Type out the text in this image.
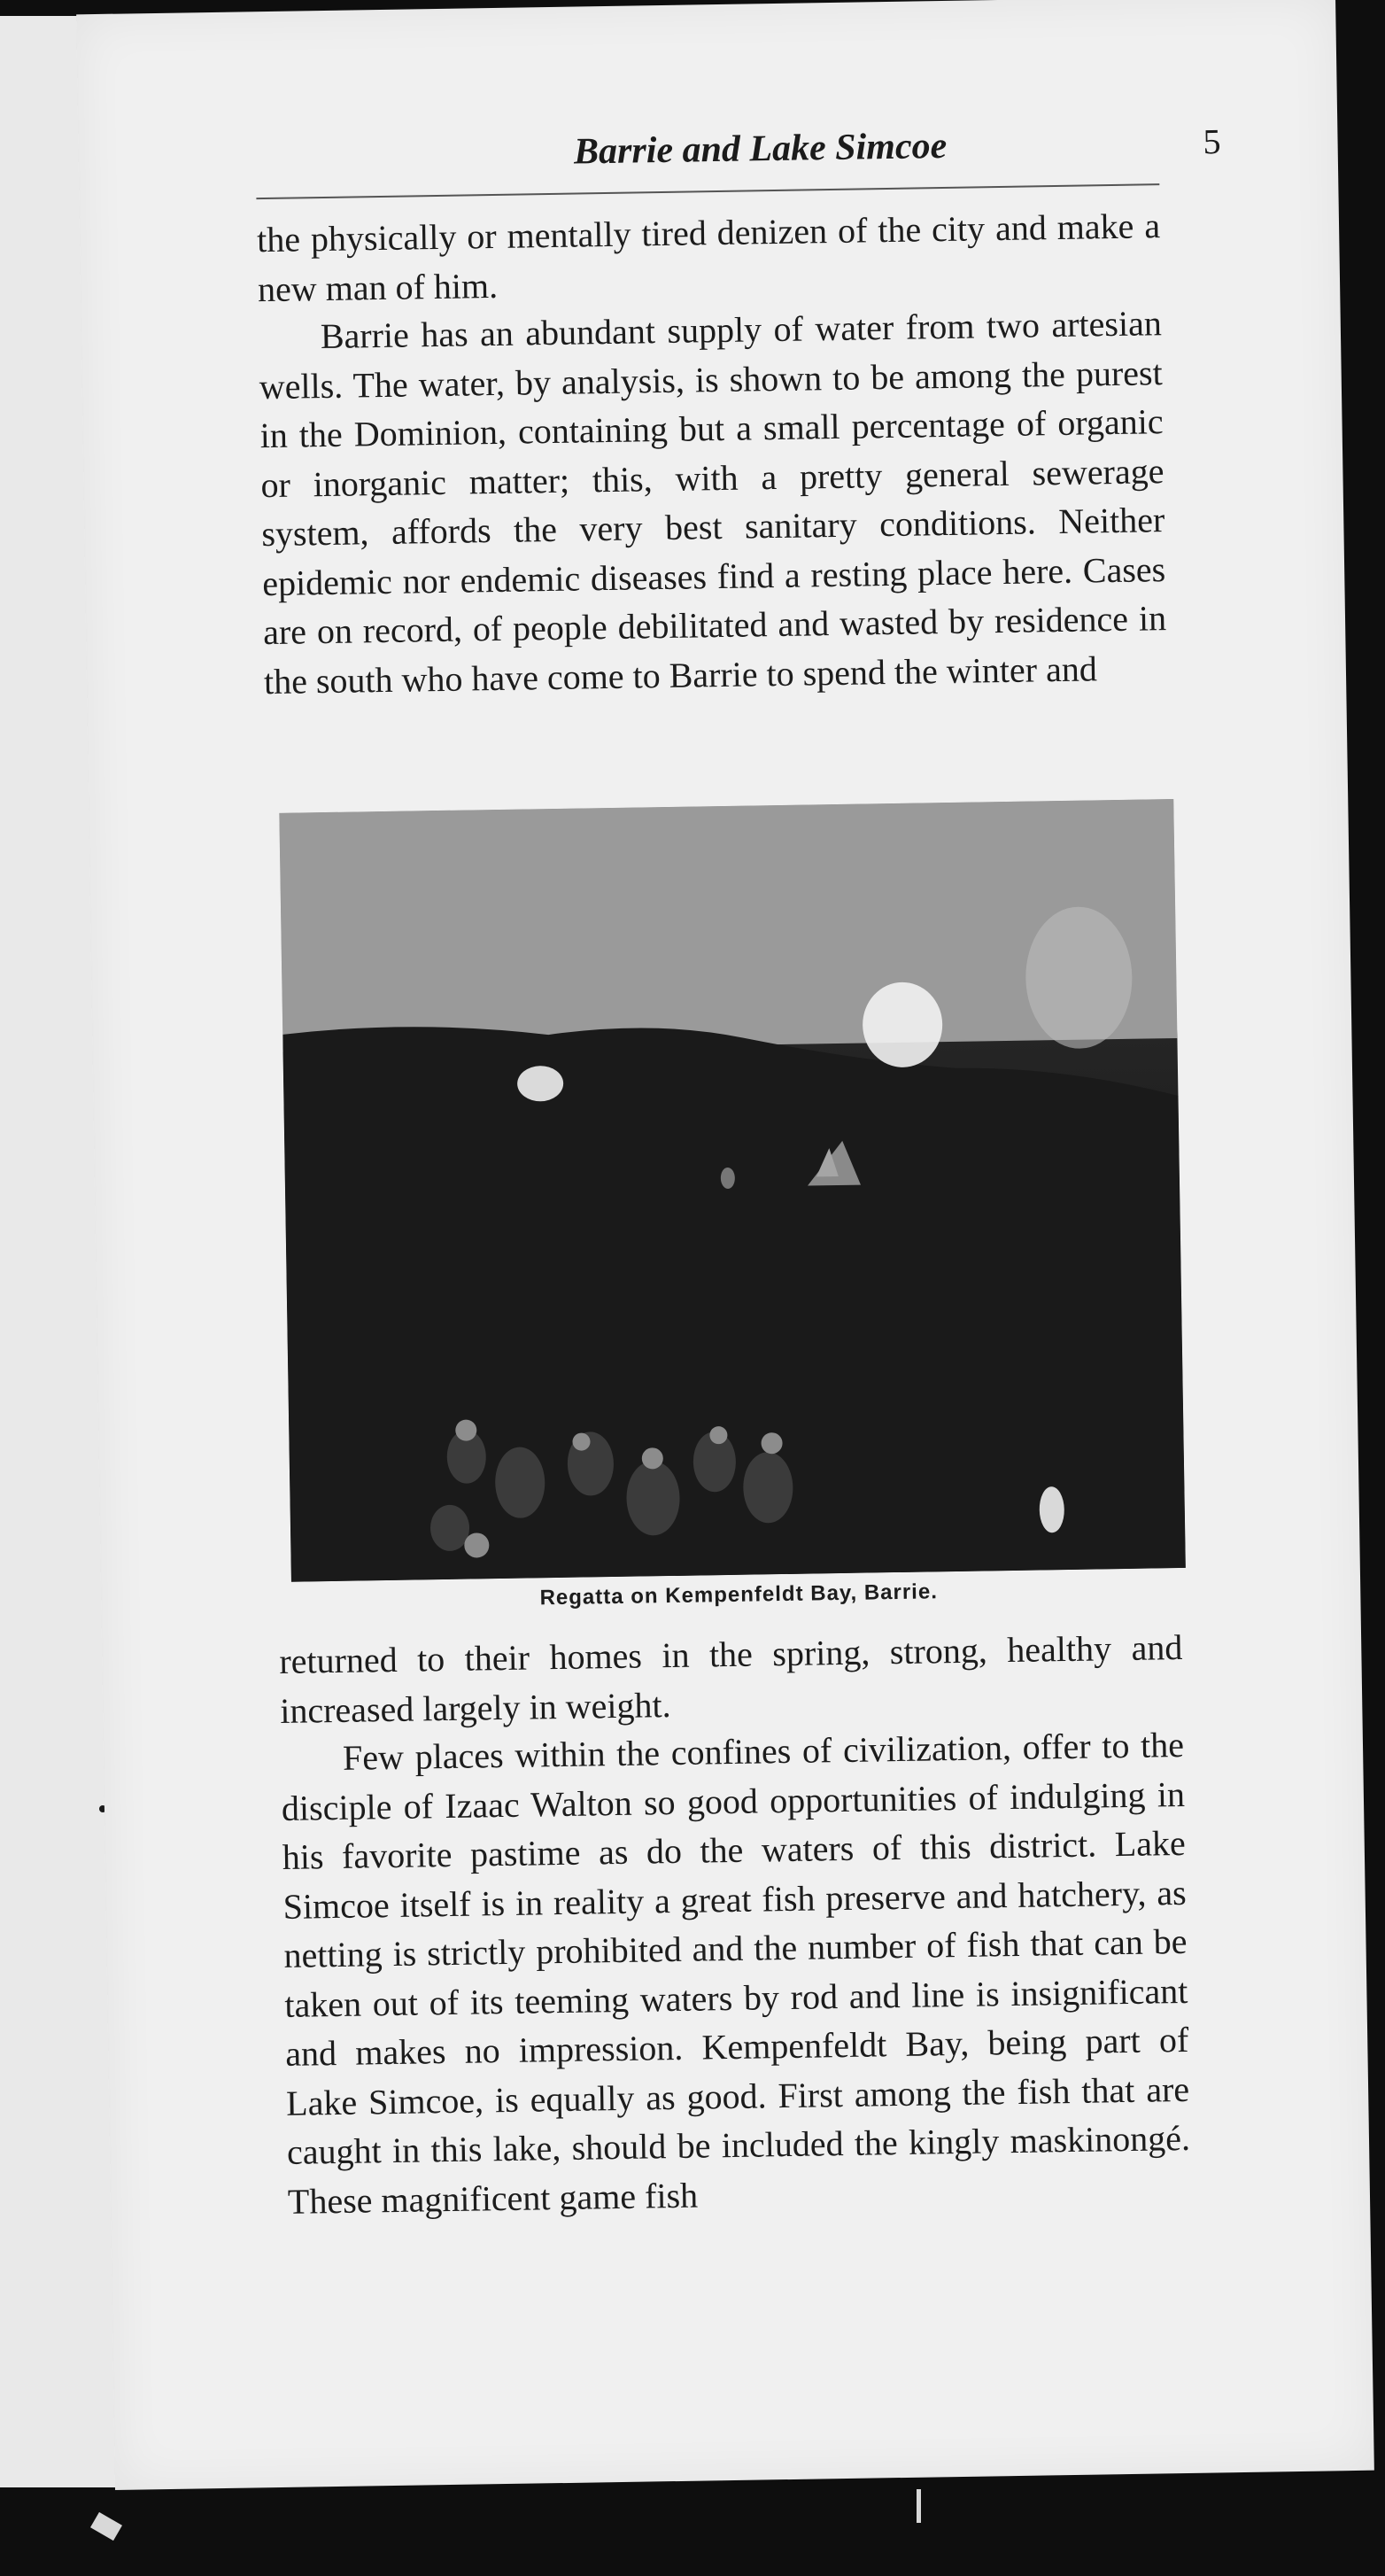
Barrie and Lake Simcoe	5
the physically or mentally tired denizen of the city and make a new man of him.
Barrie has an abundant supply of water from two artesian wells. The water, by analysis, is shown to be among the purest in the Dominion, containing but a small percentage of organic or inorganic matter; this, with a pretty general sewerage system, affords the very best sanitary conditions. Neither epidemic nor endemic diseases find a resting place here. Cases are on record, of people debilitated and wasted by residence in the south who have come to Barrie to spend the winter and
Regatta on Kempenfeldt Bay, Barrie.
returned to their homes in the spring, strong, healthy and increased largely in weight.
Few places within the confines of civilization, offer to the disciple of Izaac Walton so good opportunities of indulging in his favorite pastime as do the waters of this district. Lake Simcoe itself is in reality a great fish preserve and hatchery, as netting is strictly prohibited and the number of fish that can be taken out of its teeming waters by rod and line is insignificant and makes no impression. Kempenfeldt Bay, being part of Lake Simcoe, is equally as good. First among the fish that are caught in this lake, should be included the kingly maskinongé. These magnificent game fish
